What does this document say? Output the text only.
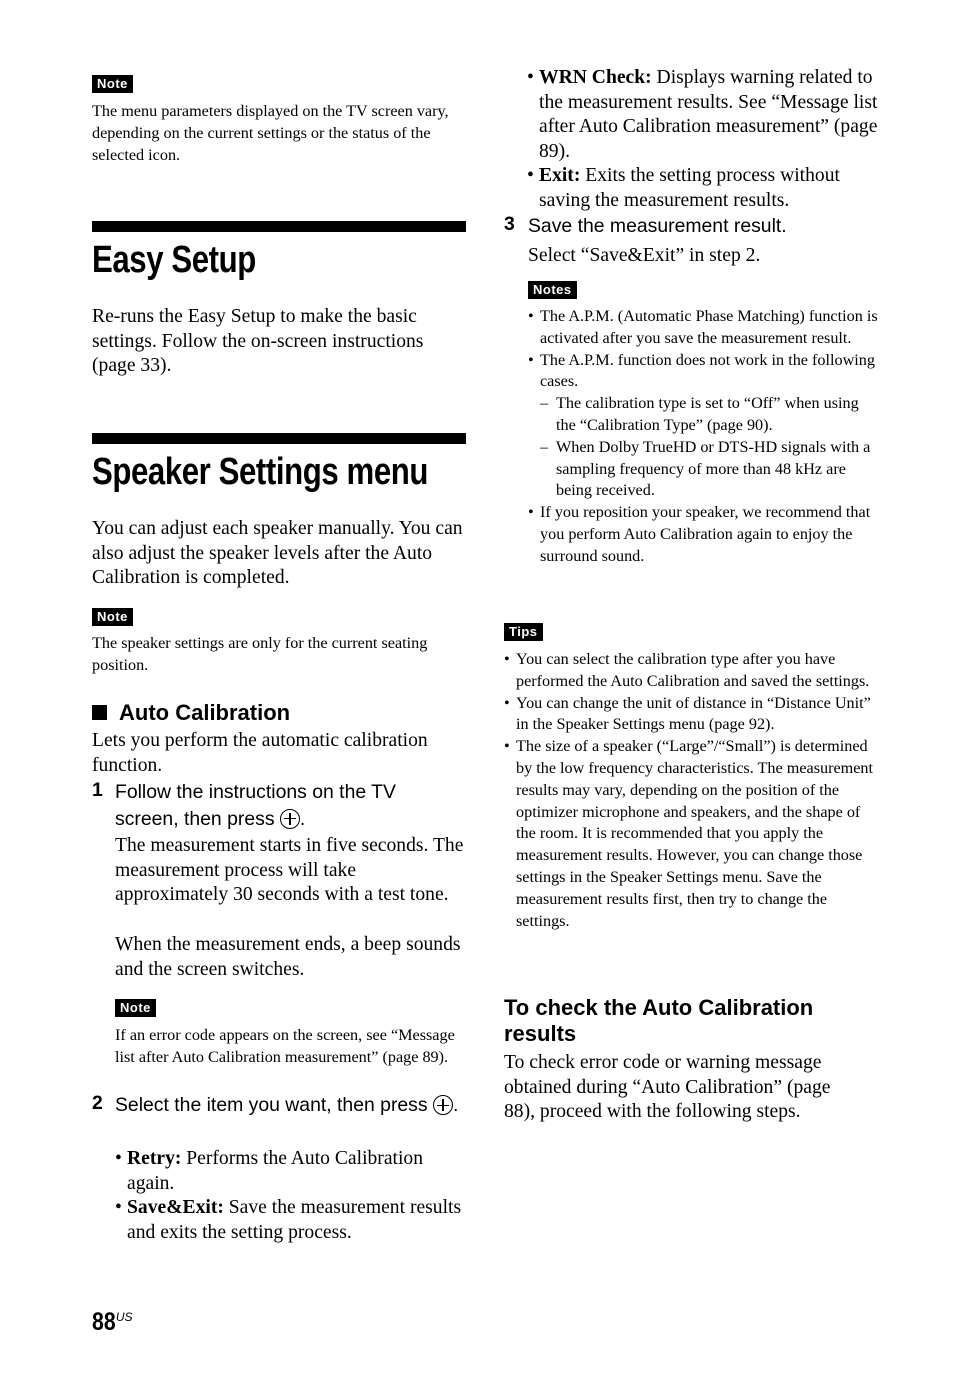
Note

The menu parameters displayed on the TV screen vary, depending on the current settings or the status of the selected icon.

Easy Setup

Re-runs the Easy Setup to make the basic settings. Follow the on-screen instructions (page 33).

Speaker Settings menu

You can adjust each speaker manually. You can also adjust the speaker levels after the Auto Calibration is completed.

Note

The speaker settings are only for the current seating position.

Auto Calibration

Lets you perform the automatic calibration function.

1 Follow the instructions on the TV screen, then press .

The measurement starts in five seconds. The measurement process will take approximately 30 seconds with a test tone.

When the measurement ends, a beep sounds and the screen switches.

Note

If an error code appears on the screen, see “Message list after Auto Calibration measurement” (page 89).

2 Select the item you want, then press .
• Retry: Performs the Auto Calibration again.
• Save&Exit: Save the measurement results and exits the setting process.
$88^{US}$
• WRN Check: Displays warning related to the measurement results. See “Message list after Auto Calibration measurement” (page 89).
• Exit: Exits the setting process without saving the measurement results.
3 Save the measurement result.

Select “Save&Exit” in step 2.

Notes
• The A.P.M. (Automatic Phase Matching) function is activated after you save the measurement result.
• The A.P.M. function does not work in the following cases.
– The calibration type is set to “Off” when using the “Calibration Type” (page 90).
– When Dolby TrueHD or DTS-HD signals with a sampling frequency of more than 48 kHz are being received.
• If you reposition your speaker, we recommend that you perform Auto Calibration again to enjoy the surround sound.
Tips
• You can select the calibration type after you have performed the Auto Calibration and saved the settings.
• You can change the unit of distance in “Distance Unit” in the Speaker Settings menu (page 92).
• The size of a speaker (“Large”/“Small”) is determined by the low frequency characteristics. The measurement results may vary, depending on the position of the optimizer microphone and speakers, and the shape of the room. It is recommended that you apply the measurement results. However, you can change those settings in the Speaker Settings menu. Save the measurement results first, then try to change the settings.
To check the Auto Calibration results

To check error code or warning message obtained during “Auto Calibration” (page 88), proceed with the following steps.
